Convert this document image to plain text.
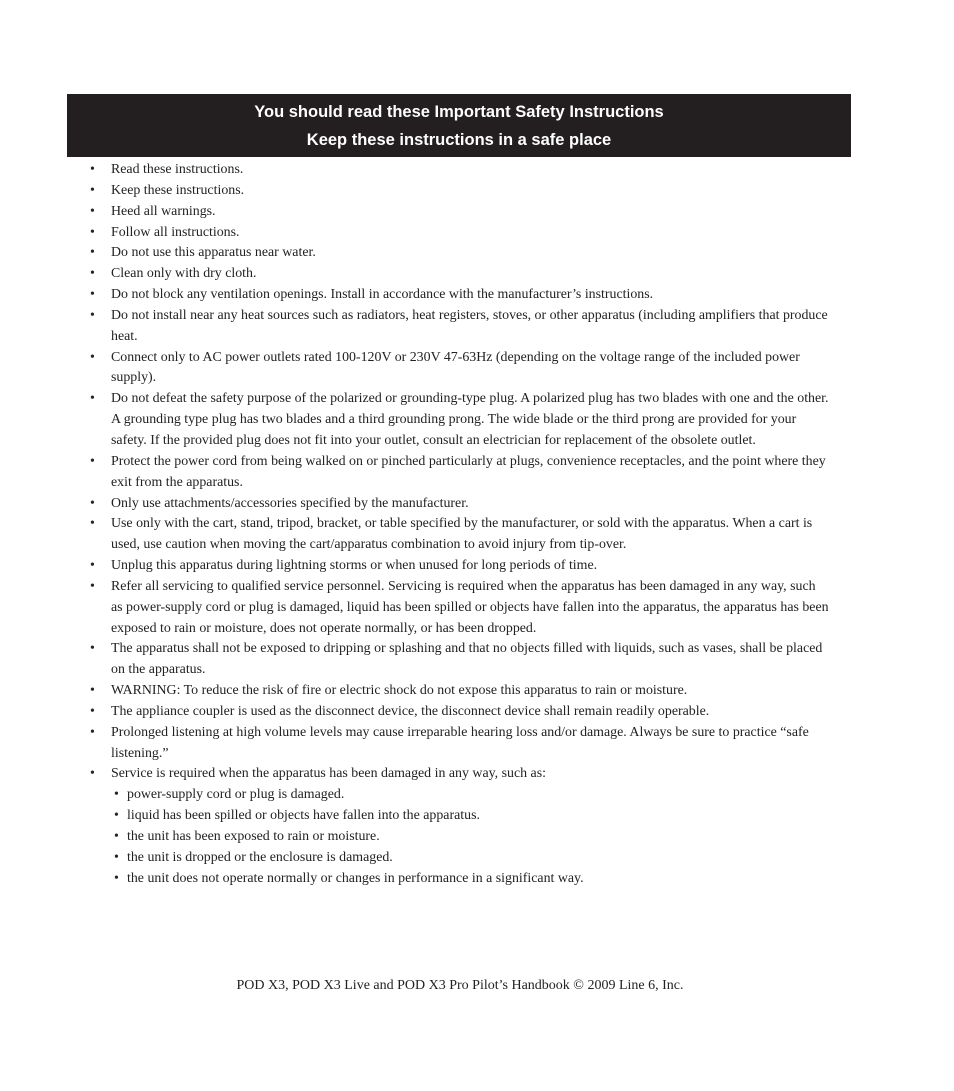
You should read these Important Safety Instructions
Keep these instructions in a safe place
• Read these instructions.
• Keep these instructions.
• Heed all warnings.
• Follow all instructions.
• Do not use this apparatus near water.
• Clean only with dry cloth.
• Do not block any ventilation openings. Install in accordance with the manufacturer’s instructions.
• Do not install near any heat sources such as radiators, heat registers, stoves, or other apparatus (including amplifiers that produce heat.
• Connect only to AC power outlets rated 100-120V or 230V 47-63Hz (depending on the voltage range of the included power supply).
• Do not defeat the safety purpose of the polarized or grounding-type plug. A polarized plug has two blades with one and the other. A grounding type plug has two blades and a third grounding prong. The wide blade or the third prong are provided for your safety. If the provided plug does not fit into your outlet, consult an electrician for replacement of the obsolete outlet.
• Protect the power cord from being walked on or pinched particularly at plugs, convenience receptacles, and the point where they exit from the apparatus.
• Only use attachments/accessories specified by the manufacturer.
• Use only with the cart, stand, tripod, bracket, or table specified by the manufacturer, or sold with the apparatus. When a cart is used, use caution when moving the cart/apparatus combination to avoid injury from tip-over.
• Unplug this apparatus during lightning storms or when unused for long periods of time.
• Refer all servicing to qualified service personnel. Servicing is required when the apparatus has been damaged in any way, such as power-supply cord or plug is damaged, liquid has been spilled or objects have fallen into the apparatus, the apparatus has been exposed to rain or moisture, does not operate normally, or has been dropped.
• The apparatus shall not be exposed to dripping or splashing and that no objects filled with liquids, such as vases, shall be placed on the apparatus.
• WARNING: To reduce the risk of fire or electric shock do not expose this apparatus to rain or moisture.
• The appliance coupler is used as the disconnect device, the disconnect device shall remain readily operable.
• Prolonged listening at high volume levels may cause irreparable hearing loss and/or damage. Always be sure to practice “safe listening.”
• Service is required when the apparatus has been damaged in any way, such as:
• power-supply cord or plug is damaged.
• liquid has been spilled or objects have fallen into the apparatus.
• the unit has been exposed to rain or moisture.
• the unit is dropped or the enclosure is damaged.
• the unit does not operate normally or changes in performance in a significant way.
POD X3, POD X3 Live and POD X3 Pro Pilot’s Handbook © 2009 Line 6, Inc.
